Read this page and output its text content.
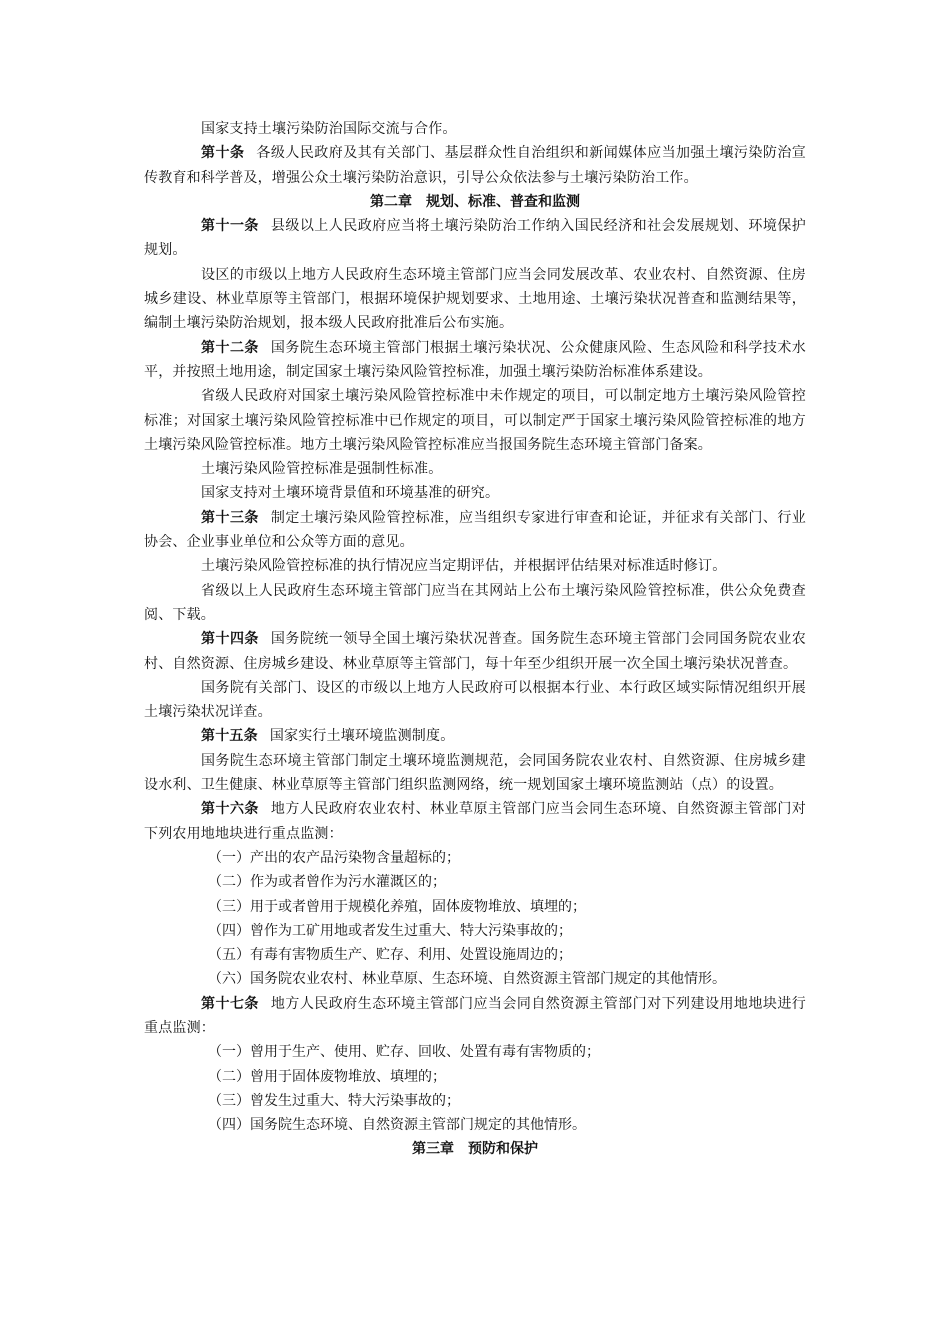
国家支持土壤污染防治国际交流与合作。

第十条 各级人民政府及其有关部门、基层群众性自治组织和新闻媒体应当加强土壤污染防治宣传教育和科学普及，增强公众土壤污染防治意识，引导公众依法参与土壤污染防治工作。

第二章 规划、标准、普查和监测

第十一条 县级以上人民政府应当将土壤污染防治工作纳入国民经济和社会发展规划、环境保护规划。

设区的市级以上地方人民政府生态环境主管部门应当会同发展改革、农业农村、自然资源、住房城乡建设、林业草原等主管部门，根据环境保护规划要求、土地用途、土壤污染状况普查和监测结果等，编制土壤污染防治规划，报本级人民政府批准后公布实施。

第十二条 国务院生态环境主管部门根据土壤污染状况、公众健康风险、生态风险和科学技术水平，并按照土地用途，制定国家土壤污染风险管控标准，加强土壤污染防治标准体系建设。

省级人民政府对国家土壤污染风险管控标准中未作规定的项目，可以制定地方土壤污染风险管控标准；对国家土壤污染风险管控标准中已作规定的项目，可以制定严于国家土壤污染风险管控标准的地方土壤污染风险管控标准。地方土壤污染风险管控标准应当报国务院生态环境主管部门备案。

土壤污染风险管控标准是强制性标准。

国家支持对土壤环境背景值和环境基准的研究。

第十三条 制定土壤污染风险管控标准，应当组织专家进行审查和论证，并征求有关部门、行业协会、企业事业单位和公众等方面的意见。

土壤污染风险管控标准的执行情况应当定期评估，并根据评估结果对标准适时修订。

省级以上人民政府生态环境主管部门应当在其网站上公布土壤污染风险管控标准，供公众免费查阅、下载。

第十四条 国务院统一领导全国土壤污染状况普查。国务院生态环境主管部门会同国务院农业农村、自然资源、住房城乡建设、林业草原等主管部门，每十年至少组织开展一次全国土壤污染状况普查。

国务院有关部门、设区的市级以上地方人民政府可以根据本行业、本行政区域实际情况组织开展土壤污染状况详查。

第十五条 国家实行土壤环境监测制度。

国务院生态环境主管部门制定土壤环境监测规范，会同国务院农业农村、自然资源、住房城乡建设水利、卫生健康、林业草原等主管部门组织监测网络，统一规划国家土壤环境监测站（点）的设置。

第十六条 地方人民政府农业农村、林业草原主管部门应当会同生态环境、自然资源主管部门对下列农用地地块进行重点监测：

（一）产出的农产品污染物含量超标的；

（二）作为或者曾作为污水灌溉区的；

（三）用于或者曾用于规模化养殖，固体废物堆放、填埋的；

（四）曾作为工矿用地或者发生过重大、特大污染事故的；

（五）有毒有害物质生产、贮存、利用、处置设施周边的；

（六）国务院农业农村、林业草原、生态环境、自然资源主管部门规定的其他情形。

第十七条 地方人民政府生态环境主管部门应当会同自然资源主管部门对下列建设用地地块进行重点监测：

（一）曾用于生产、使用、贮存、回收、处置有毒有害物质的；

（二）曾用于固体废物堆放、填埋的；

（三）曾发生过重大、特大污染事故的；

（四）国务院生态环境、自然资源主管部门规定的其他情形。

第三章 预防和保护
